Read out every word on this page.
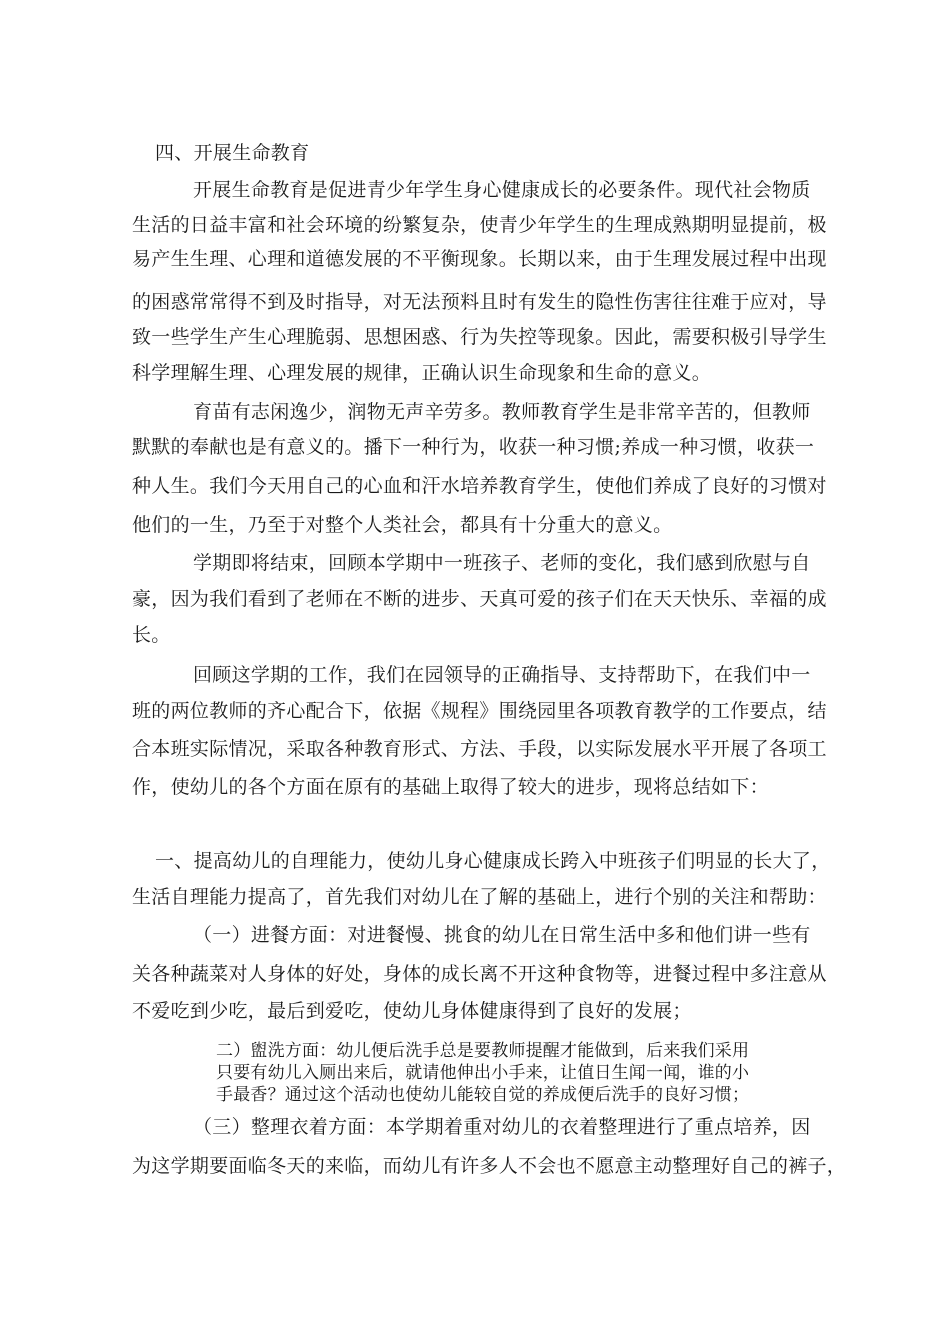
四、开展生命教育
开展生命教育是促进青少年学生身心健康成长的必要条件。现代社会物质
生活的日益丰富和社会环境的纷繁复杂，使青少年学生的生理成熟期明显提前，极
易产生生理、心理和道德发展的不平衡现象。长期以来，由于生理发展过程中出现
的困惑常常得不到及时指导，对无法预料且时有发生的隐性伤害往往难于应对，导
致一些学生产生心理脆弱、思想困惑、行为失控等现象。因此，需要积极引导学生
科学理解生理、心理发展的规律，正确认识生命现象和生命的意义。
育苗有志闲逸少，润物无声辛劳多。教师教育学生是非常辛苦的，但教师
默默的奉献也是有意义的。播下一种行为，收获一种习惯;养成一种习惯，收获一
种人生。我们今天用自己的心血和汗水培养教育学生，使他们养成了良好的习惯对
他们的一生，乃至于对整个人类社会，都具有十分重大的意义。
学期即将结束，回顾本学期中一班孩子、老师的变化，我们感到欣慰与自
豪，因为我们看到了老师在不断的进步、天真可爱的孩子们在天天快乐、幸福的成
长。
回顾这学期的工作，我们在园领导的正确指导、支持帮助下，在我们中一
班的两位教师的齐心配合下，依据《规程》围绕园里各项教育教学的工作要点，结
合本班实际情况，采取各种教育形式、方法、手段，以实际发展水平开展了各项工
作，使幼儿的各个方面在原有的基础上取得了较大的进步，现将总结如下：
一、提高幼儿的自理能力，使幼儿身心健康成长跨入中班孩子们明显的长大了，
生活自理能力提高了，首先我们对幼儿在了解的基础上，进行个别的关注和帮助：
（一）进餐方面：对进餐慢、挑食的幼儿在日常生活中多和他们讲一些有
关各种蔬菜对人身体的好处，身体的成长离不开这种食物等，进餐过程中多注意从
不爱吃到少吃，最后到爱吃，使幼儿身体健康得到了良好的发展；
二）盥洗方面：幼儿便后洗手总是要教师提醒才能做到，后来我们采用
只要有幼儿入厕出来后，就请他伸出小手来，让值日生闻一闻，谁的小
手最香？通过这个活动也使幼儿能较自觉的养成便后洗手的良好习惯；
（三）整理衣着方面：本学期着重对幼儿的衣着整理进行了重点培养，因
为这学期要面临冬天的来临，而幼儿有许多人不会也不愿意主动整理好自己的裤子，
